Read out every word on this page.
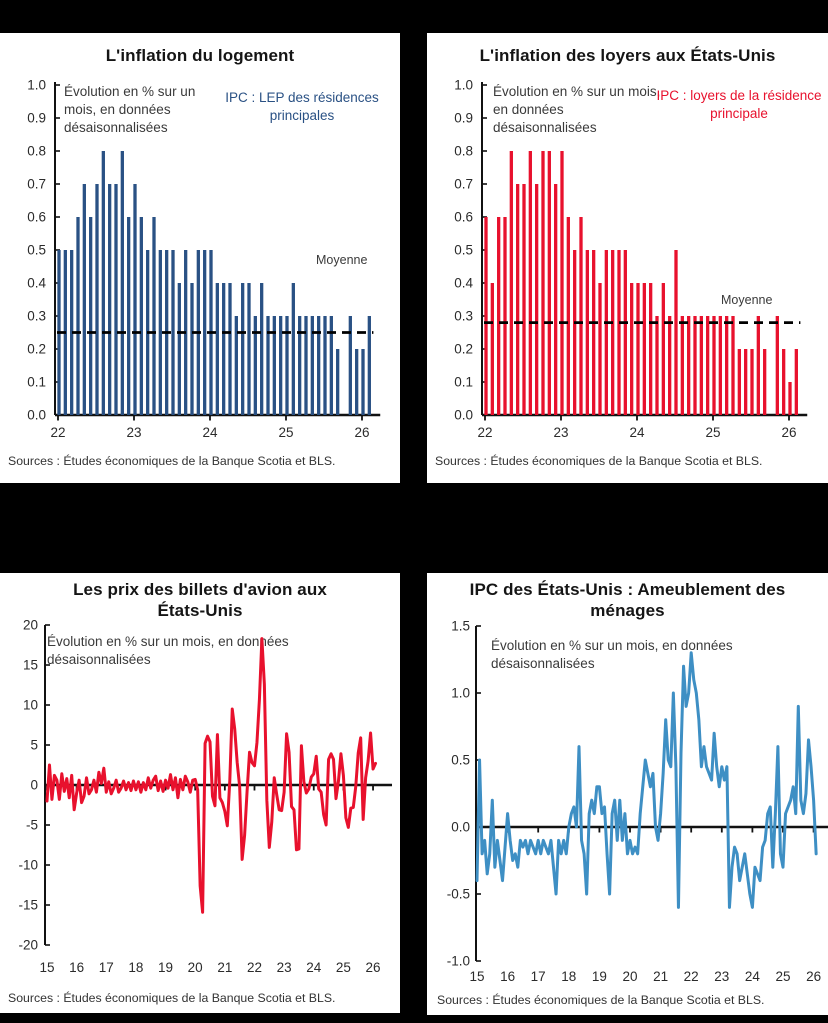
L'inflation du logement
Évolution en % sur un mois, en données désaisonnalisées
IPC : LEP des résidences principales
Moyenne
0.0
0.1
0.2
0.3
0.4
0.5
0.6
0.7
0.8
0.9
1.0
22	23	24	25	26
Sources : Études économiques de la Banque Scotia et BLS.
L'inflation des loyers aux États-Unis
Évolution en % sur un mois, en données désaisonnalisées
IPC : loyers de la résidence principale
Moyenne
0.0
0.1
0.2
0.3
0.4
0.5
0.6
0.7
0.8
0.9
1.0
22	23	24	25	26
Sources : Études économiques de la Banque Scotia et BLS.
Les prix des billets d'avion aux États-Unis
Évolution en % sur un mois, en données désaisonnalisées
-20
-15
-10
-5
0
5
10
15
20
15 16 17 18 19 20 21 22 23 24 25 26
Sources : Études économiques de la Banque Scotia et BLS.
IPC des États-Unis : Ameublement des ménages
Évolution en % sur un mois, en données désaisonnalisées
-1.0
-0.5
0.0
0.5
1.0
1.5
15 16 17 18 19 20 21 22 23 24 25 26
Sources : Études économiques de la Banque Scotia et BLS.
